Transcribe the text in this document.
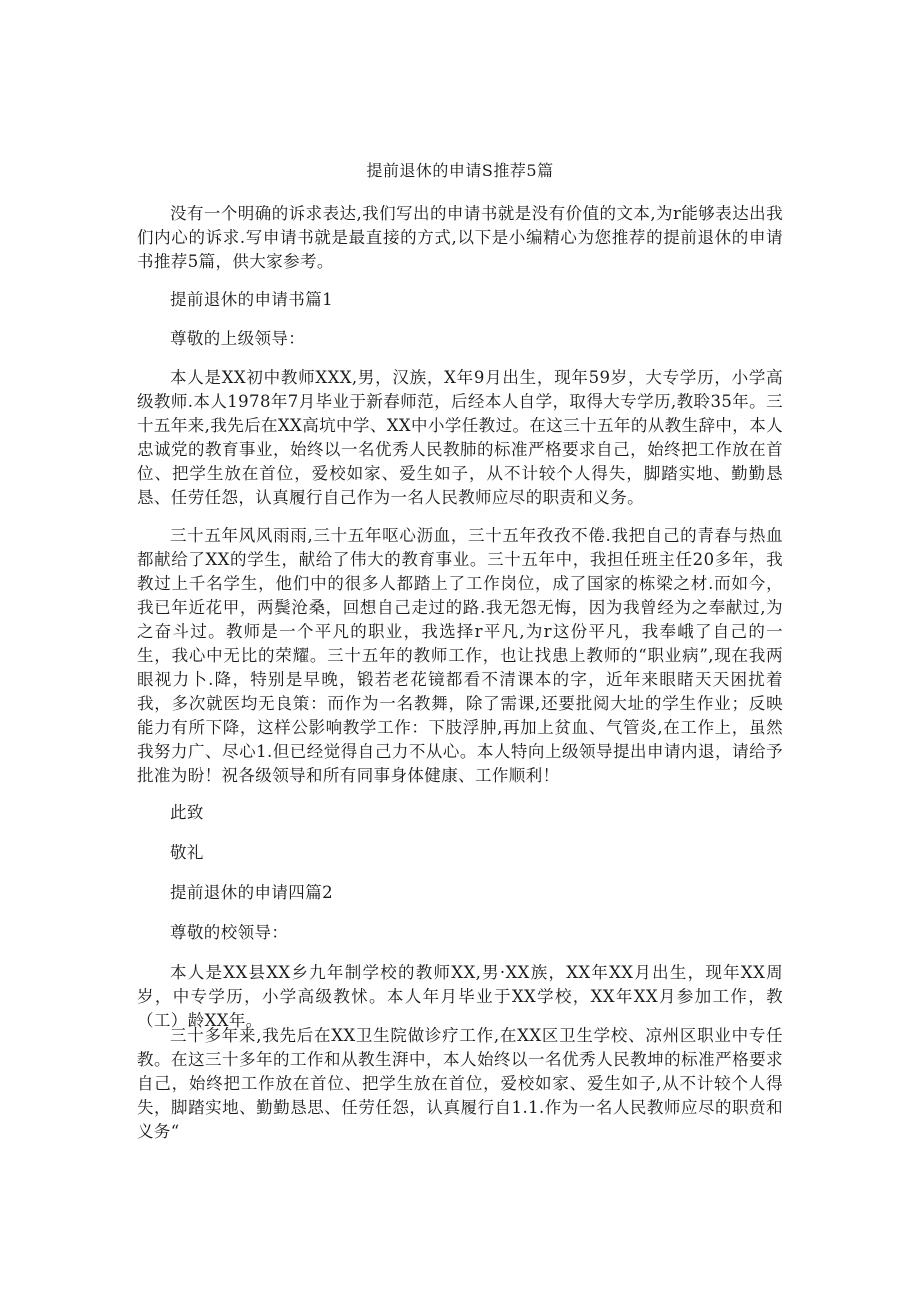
提前退休的申请S推荐5篇

没有一个明确的诉求表达,我们写出的申请书就是没有价值的文本,为r能够表达出我们内心的诉求.写申请书就是最直接的方式,以下是小编精心为您推荐的提前退休的申请书推荐5篇，供大家参考。

提前退休的申请书篇1

尊敬的上级领导：

本人是XX初中教师XXX,男，汉族，X年9月出生，现年59岁，大专学历，小学高级教师.本人1978年7月毕业于新春师范，后经本人自学，取得大专学历,教聆35年。三十五年来,我先后在XX高坑中学、XX中小学任教过。在这三十五年的从教生辞中，本人忠诚党的教育事业，始终以一名优秀人民教肺的标准严格要求自己，始终把工作放在首位、把学生放在首位，爱校如家、爱生如子，从不计较个人得失，脚踏实地、勤勤恳恳、任劳任怨，认真履行自己作为一名人民教师应尽的职责和义务。

三十五年风风雨雨,三十五年呕心沥血，三十五年孜孜不倦.我把自己的青春与热血都献给了XX的学生，献给了伟大的教育事业。三十五年中，我担任班主任20多年，我教过上千名学生，他们中的很多人都踏上了工作岗位，成了国家的栋梁之材.而如今，我已年近花甲，两鬓沧桑，回想自己走过的路.我无怨无悔，因为我曾经为之奉献过,为之奋斗过。教师是一个平凡的职业，我选择r平凡,为r这份平凡，我奉峨了自己的一生，我心中无比的荣耀。三十五年的教师工作，也让找患上教师的“职业病”,现在我两眼视力卜.降，特别是早晚，锻若老花镜都看不清课本的字，近年来眼睹天天困扰着我，多次就医均无良策：而作为一名教舞，除了需课,还要批阅大址的学生作业；反映能力有所下降，这样公影响教学工作：下肢浮肿,再加上贫血、气管炎,在工作上，虽然我努力广、尽心1.但已经觉得自己力不从心。本人特向上级领导提出申请内退，请给予批准为盼！祝各级领导和所有同事身体健康、工作顺利！

此致

敬礼

提前退休的申请四篇2

尊敬的校领导：

本人是XX县XX乡九年制学校的教师XX,男·XX族，XX年XX月出生，现年XX周岁，中专学历，小学高级教怵。本人年月毕业于XX学校，XX年XX月参加工作，教（工）龄XX年。

三十多年来,我先后在XX卫生院做诊疗工作,在XX区卫生学校、凉州区职业中专任教。在这三十多年的工作和从教生湃中，本人始终以一名优秀人民教坤的标准严格要求自己，始终把工作放在首位、把学生放在首位，爱校如家、爱生如子,从不计较个人得失，脚踏实地、勤勤恳思、任劳任怨，认真履行自1.1.作为一名人民教师应尽的职贲和义务“
